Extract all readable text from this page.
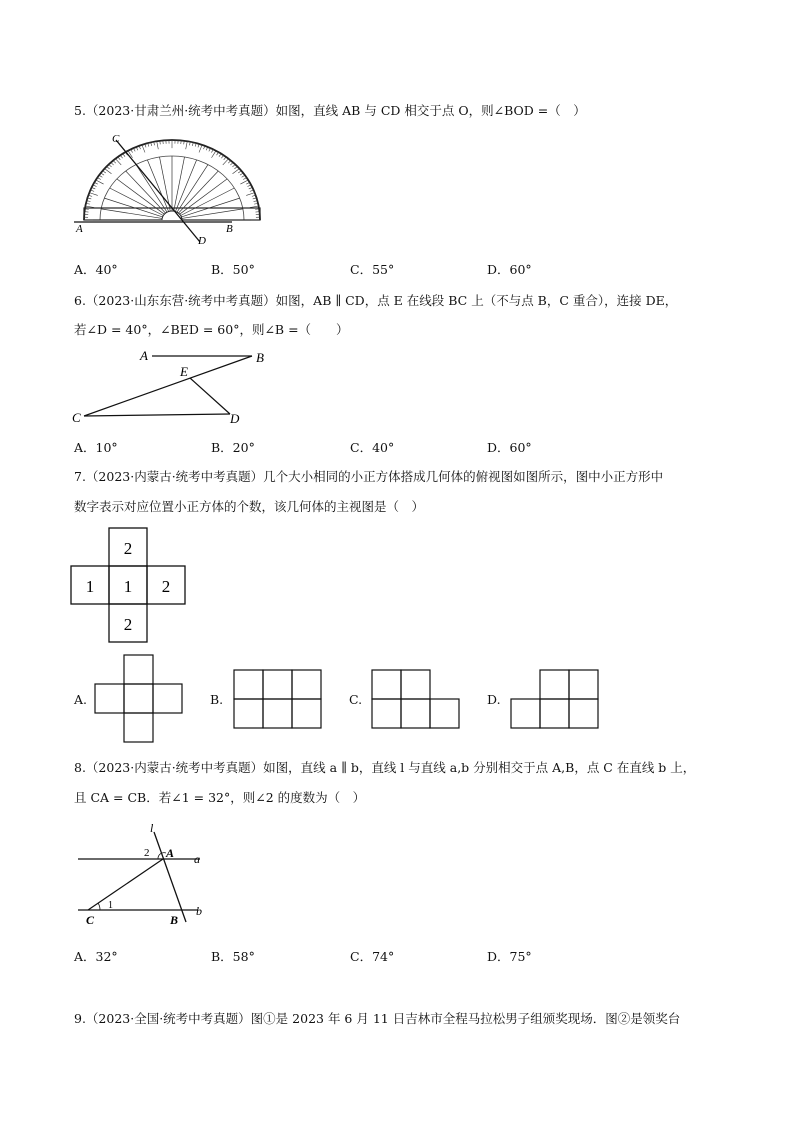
5.（2023·甘肃兰州·统考中考真题）如图，直线 AB 与 CD 相交于点 O，则∠BOD =（　）
A	B
C
D
A．40°	B．50°	C．55°	D．60°
6.（2023·山东东营·统考中考真题）如图，AB ∥ CD，点 E 在线段 BC 上（不与点 B，C 重合），连接 DE，
若∠D = 40°，∠BED = 60°，则∠B =（　　）
A	B
E
C	D
A．10°	B．20°	C．40°	D．60°
7.（2023·内蒙古·统考中考真题）几个大小相同的小正方体搭成几何体的俯视图如图所示，图中小正方形中
数字表示对应位置小正方体的个数，该几何体的主视图是（　）
2
1 1 2
2
A.	B.	C.	D.
8.（2023·内蒙古·统考中考真题）如图，直线 a ∥ b，直线 l 与直线 a,b 分别相交于点 A,B，点 C 在直线 b 上，
且 CA = CB．若∠1 = 32°，则∠2 的度数为（　）
l
A a
2
1
C	B
b
A．32°	B．58°	C．74°	D．75°
9.（2023·全国·统考中考真题）图①是 2023 年 6 月 11 日吉林市全程马拉松男子组颁奖现场．图②是领奖台
